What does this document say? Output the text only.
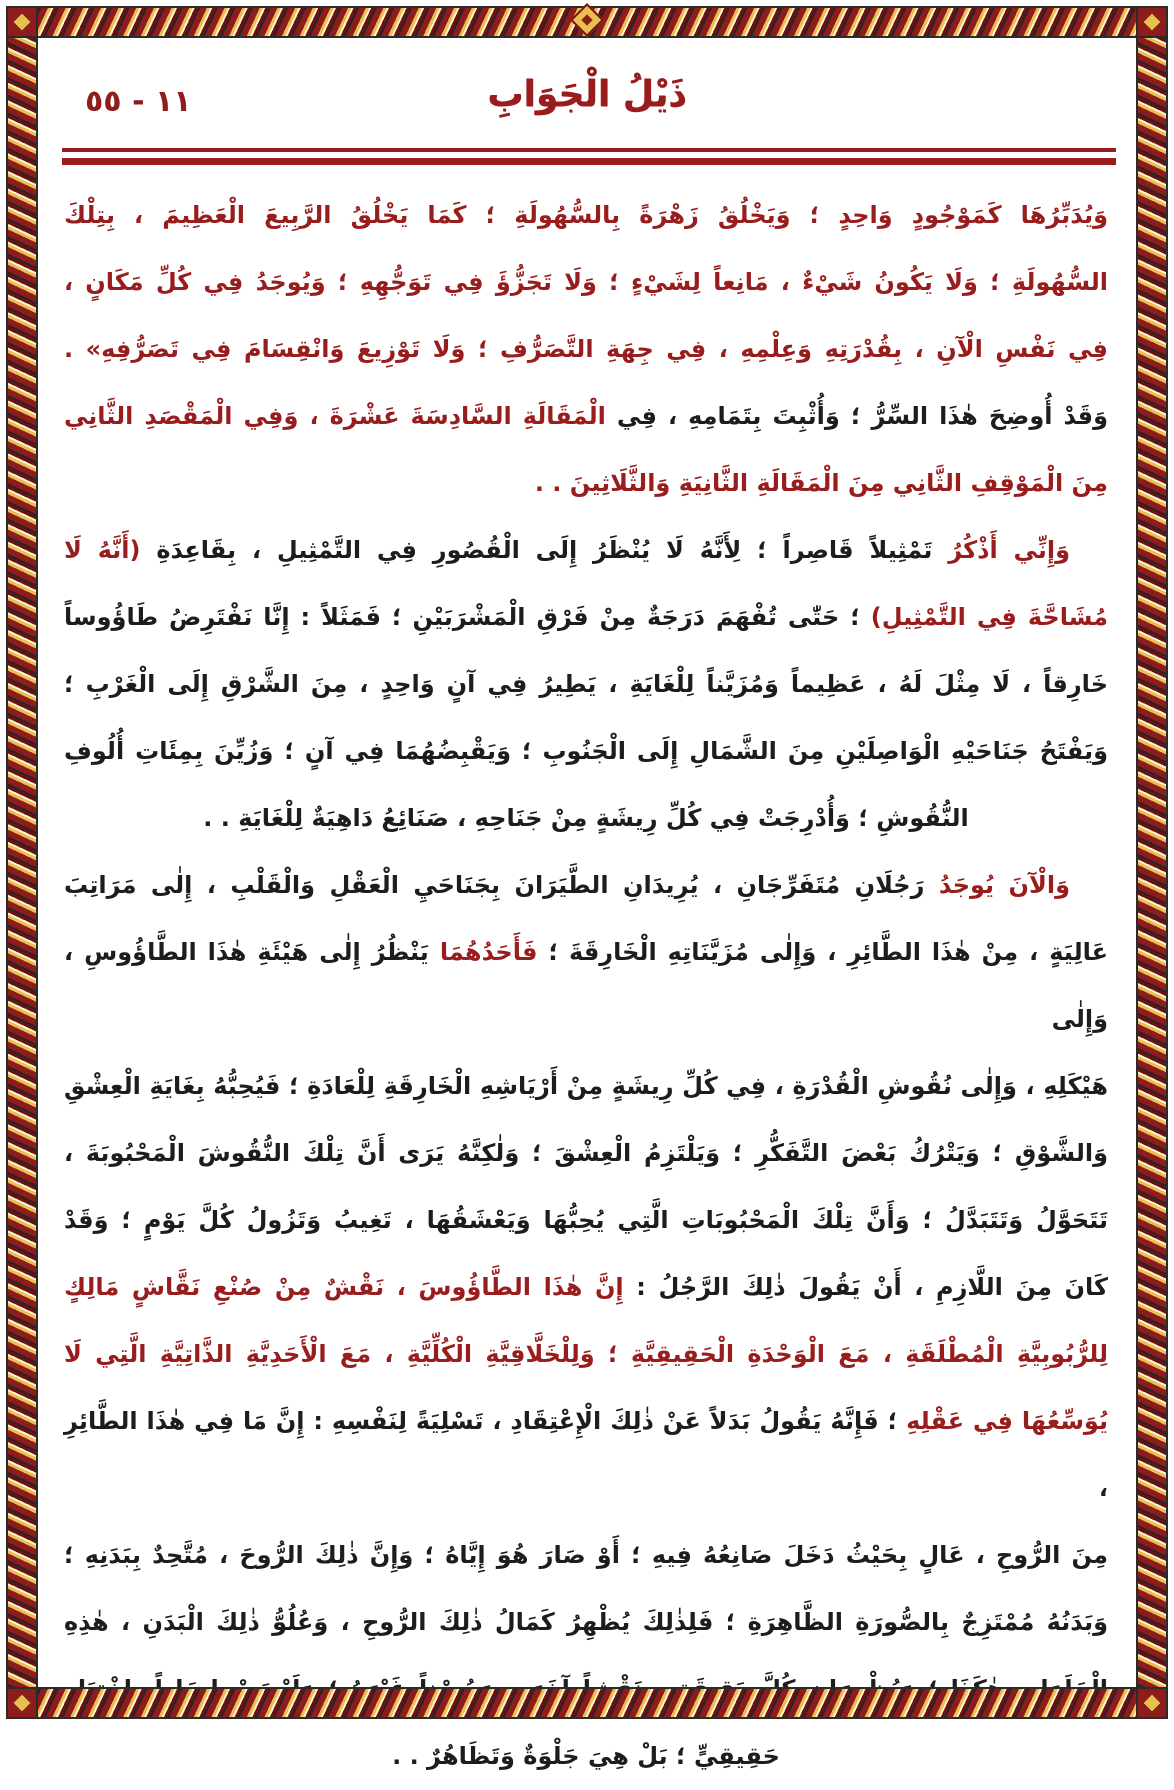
١١ - ٥٥	ذَيْلُ الْجَوَابِ
وَيُدَبِّرُهَا كَمَوْجُودٍ وَاحِدٍ ؛ وَيَخْلُقُ زَهْرَةً بِالسُّهُولَةِ ؛ كَمَا يَخْلُقُ الرَّبِيعَ الْعَظِيمَ ، بِتِلْكَ
السُّهُولَةِ ؛ وَلَا يَكُونُ شَيْءٌ ، مَانِعاً لِشَيْءٍ ؛ وَلَا تَجَزُّؤَ فِي تَوَجُّهِهِ ؛ وَيُوجَدُ فِي كُلِّ مَكَانٍ ،
فِي نَفْسِ الْآنِ ، بِقُدْرَتِهِ وَعِلْمِهِ ، فِي جِهَةِ التَّصَرُّفِ ؛ وَلَا تَوْزِيعَ وَانْقِسَامَ فِي تَصَرُّفِهِ» .
وَقَدْ أُوضِحَ هٰذَا السِّرُّ ؛ وَأُثْبِتَ بِتَمَامِهِ ، فِي الْمَقَالَةِ السَّادِسَةَ عَشْرَةَ ، وَفِي الْمَقْصَدِ الثَّانِي
مِنَ الْمَوْقِفِ الثَّانِي مِنَ الْمَقَالَةِ الثَّانِيَةِ وَالثَّلَاثِينَ . .
وَإِنِّي أَذْكُرُ تَمْثِيلاً قَاصِراً ؛ لِأَنَّهُ لَا يُنْظَرُ إِلَى الْقُصُورِ فِي التَّمْثِيلِ ، بِقَاعِدَةِ (أَنَّهُ لَا
مُشَاحَّةَ فِي التَّمْثِيلِ) ؛ حَتّٰى تُفْهَمَ دَرَجَةٌ مِنْ فَرْقِ الْمَشْرَبَيْنِ ؛ فَمَثَلاً : إِنَّا نَفْتَرِضُ طَاؤُوساً
خَارِقاً ، لَا مِثْلَ لَهُ ، عَظِيماً وَمُزَيَّناً لِلْغَايَةِ ، يَطِيرُ فِي آنٍ وَاحِدٍ ، مِنَ الشَّرْقِ إِلَى الْغَرْبِ ؛
وَيَفْتَحُ جَنَاحَيْهِ الْوَاصِلَيْنِ مِنَ الشَّمَالِ إِلَى الْجَنُوبِ ؛ وَيَقْبِضُهُمَا فِي آنٍ ؛ وَزُيِّنَ بِمِئَاتِ أُلُوفِ
النُّقُوشِ ؛ وَأُدْرِجَتْ فِي كُلِّ رِيشَةٍ مِنْ جَنَاحِهِ ، صَنَائِعُ دَاهِيَةٌ لِلْغَايَةِ . .
وَالْآنَ يُوجَدُ رَجُلَانِ مُتَفَرِّجَانِ ، يُرِيدَانِ الطَّيَرَانَ بِجَنَاحَيِ الْعَقْلِ وَالْقَلْبِ ، إِلٰى مَرَاتِبَ
عَالِيَةٍ ، مِنْ هٰذَا الطَّائِرِ ، وَإِلٰى مُزَيَّنَاتِهِ الْخَارِقَةَ ؛ فَأَحَدُهُمَا يَنْظُرُ إِلٰى هَيْئَةِ هٰذَا الطَّاؤُوسِ ، وَإِلٰى
هَيْكَلِهِ ، وَإِلٰى نُقُوشِ الْقُدْرَةِ ، فِي كُلِّ رِيشَةٍ مِنْ أَرْيَاشِهِ الْخَارِقَةِ لِلْعَادَةِ ؛ فَيُحِبُّهُ بِغَايَةِ الْعِشْقِ
وَالشَّوْقِ ؛ وَيَتْرُكُ بَعْضَ التَّفَكُّرِ ؛ وَيَلْتَزِمُ الْعِشْقَ ؛ وَلٰكِنَّهُ يَرَى أَنَّ تِلْكَ النُّقُوشَ الْمَحْبُوبَةَ ،
تَتَحَوَّلُ وَتَتَبَدَّلُ ؛ وَأَنَّ تِلْكَ الْمَحْبُوبَاتِ الَّتِي يُحِبُّهَا وَيَعْشَقُهَا ، تَغِيبُ وَتَزُولُ كُلَّ يَوْمٍ ؛ وَقَدْ
كَانَ مِنَ اللَّازِمِ ، أَنْ يَقُولَ ذٰلِكَ الرَّجُلُ : إِنَّ هٰذَا الطَّاؤُوسَ ، نَقْشٌ مِنْ صُنْعِ نَقَّاشٍ مَالِكٍ
لِلرُّبُوبِيَّةِ الْمُطْلَقَةِ ، مَعَ الْوَحْدَةِ الْحَقِيقِيَّةِ ؛ وَلِلْخَلَّاقِيَّةِ الْكُلِّيَّةِ ، مَعَ الْأَحَدِيَّةِ الذَّاتِيَّةِ الَّتِي لَا
يُوَسِّعُهَا فِي عَقْلِهِ ؛ فَإِنَّهُ يَقُولُ بَدَلاً عَنْ ذٰلِكَ الْإِعْتِقَادِ ، تَسْلِيَةً لِنَفْسِهِ : إِنَّ مَا فِي هٰذَا الطَّائِرِ ،
مِنَ الرُّوحِ ، عَالٍ بِحَيْثُ دَخَلَ صَانِعُهُ فِيهِ ؛ أَوْ صَارَ هُوَ إِيَّاهُ ؛ وَإِنَّ ذٰلِكَ الرُّوحَ ، مُتَّحِدٌ بِبَدَنِهِ ؛
وَبَدَنُهُ مُمْتَزِجٌ بِالصُّورَةِ الظَّاهِرَةِ ؛ فَلِذٰلِكَ يُظْهِرُ كَمَالُ ذٰلِكَ الرُّوحِ ، وَعُلُوُّ ذٰلِكَ الْبَدَنِ ، هٰذِهِ
حَقِيقِيٍّ ؛ بَلْ هِيَ جَلْوَةٌ وَتَظَاهُرٌ . .
